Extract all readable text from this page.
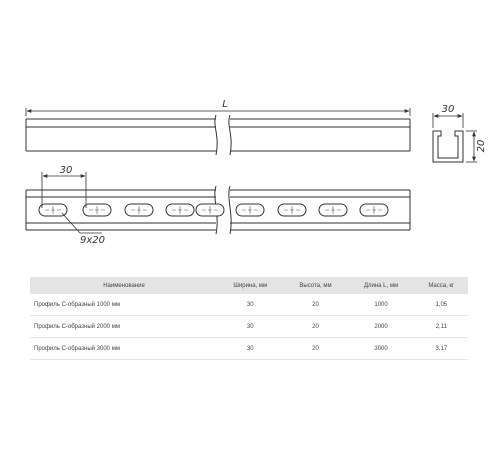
L	30
20
30
9x20
Наименование	Ширина, мм	Высота, мм	Длина L, мм	Масса, кг
Профиль С-образный 1000 мм	30	20	1000	1,05
Профиль С-образный 2000 мм	30	20	2000	2,11
Профиль С-образный 3000 мм	30	20	3000	3,17
